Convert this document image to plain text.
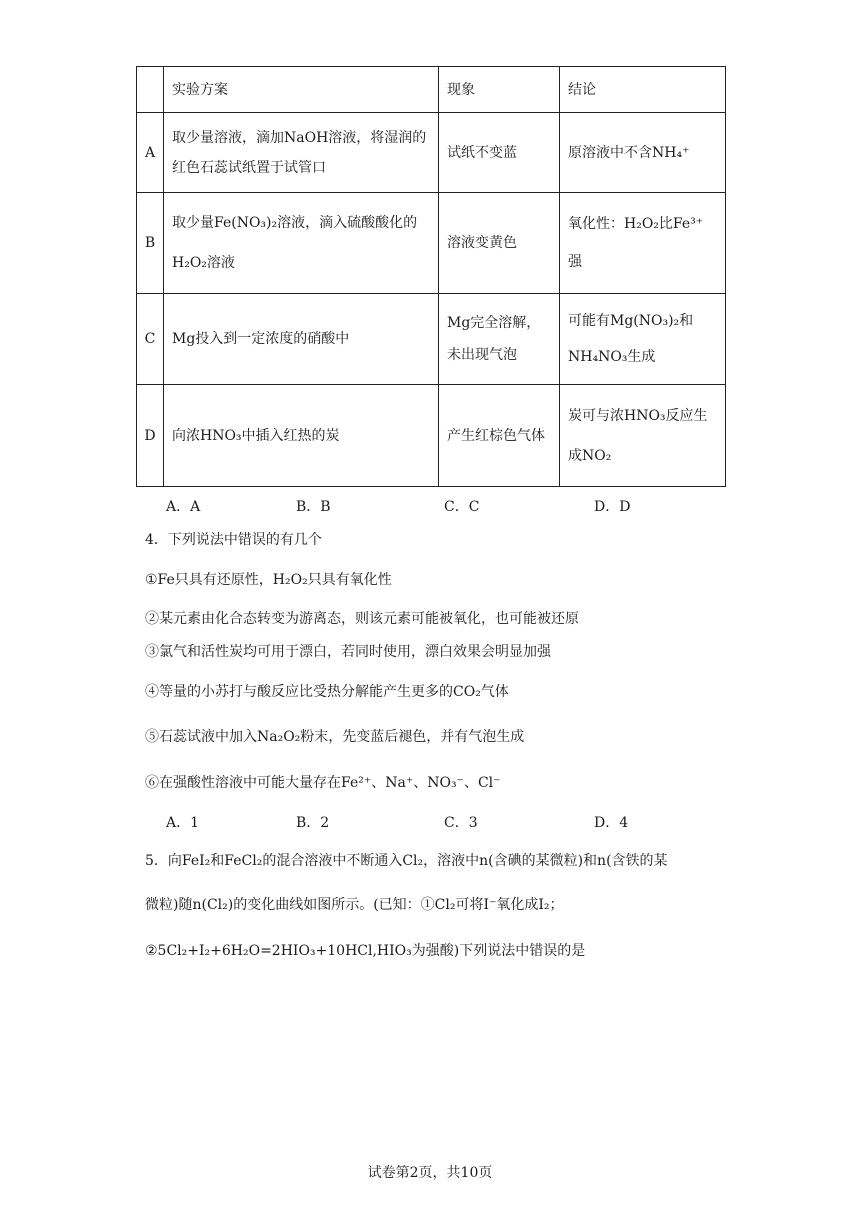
	实验方案	现象	结论
A	取少量溶液，滴加NaOH溶液，将湿润的红色石蕊试纸置于试管口	试纸不变蓝	原溶液中不含NH₄⁺
B	取少量Fe(NO₃)₂溶液，滴入硫酸酸化的H₂O₂溶液	溶液变黄色	氧化性：H₂O₂比Fe³⁺强
C	Mg投入到一定浓度的硝酸中	Mg完全溶解，未出现气泡	可能有Mg(NO₃)₂和NH₄NO₃生成
D	向浓HNO₃中插入红热的炭	产生红棕色气体	炭可与浓HNO₃反应生成NO₂
A．A	B．B	C．C	D．D
4．下列说法中错误的有几个
①Fe只具有还原性，H₂O₂只具有氧化性
②某元素由化合态转变为游离态，则该元素可能被氧化，也可能被还原
③氯气和活性炭均可用于漂白，若同时使用，漂白效果会明显加强
④等量的小苏打与酸反应比受热分解能产生更多的CO₂气体
⑤石蕊试液中加入Na₂O₂粉末，先变蓝后褪色，并有气泡生成
⑥在强酸性溶液中可能大量存在Fe²⁺、Na⁺、NO₃⁻、Cl⁻
A．1	B．2	C．3	D．4
5．向FeI₂和FeCl₂的混合溶液中不断通入Cl₂，溶液中n(含碘的某微粒)和n(含铁的某
微粒)随n(Cl₂)的变化曲线如图所示。(已知：①Cl₂可将I⁻氧化成I₂；
②5Cl₂+I₂+6H₂O=2HIO₃+10HCl,HIO₃为强酸)下列说法中错误的是
试卷第2页，共10页
